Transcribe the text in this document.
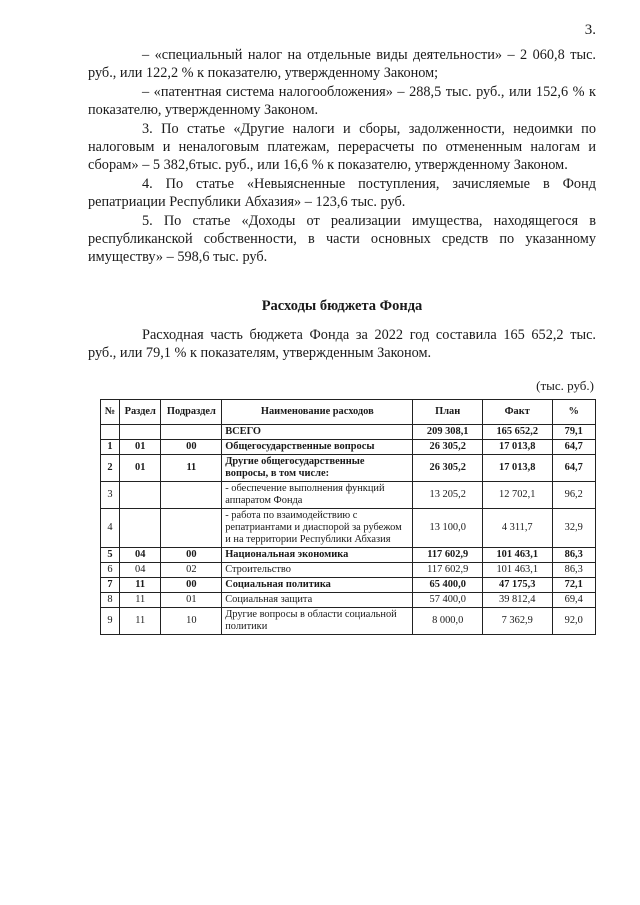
3.

– «специальный налог на отдельные виды деятельности» – 2 060,8 тыс. руб., или 122,2 % к показателю, утвержденному Законом;

– «патентная система налогообложения» – 288,5 тыс. руб., или 152,6 % к показателю, утвержденному Законом.

3. По статье «Другие налоги и сборы, задолженности, недоимки по налоговым и неналоговым платежам, перерасчеты по отмененным налогам и сборам» – 5 382,6тыс. руб., или 16,6 % к показателю, утвержденному Законом.

4. По статье «Невыясненные поступления, зачисляемые в Фонд репатриации Республики Абхазия» – 123,6 тыс. руб.

5. По статье «Доходы от реализации имущества, находящегося в республиканской собственности, в части основных средств по указанному имуществу» – 598,6 тыс. руб.

Расходы бюджета Фонда

Расходная часть бюджета Фонда за 2022 год составила 165 652,2 тыс. руб., или 79,1 % к показателям, утвержденным Законом.

(тыс. руб.)
№	Раздел	Подраздел	Наименование расходов	План	Факт	%
			ВСЕГО	209 308,1	165 652,2	79,1
1	01	00	Общегосударственные вопросы	26 305,2	17 013,8	64,7
2	01	11	Другие общегосударственные вопросы, в том числе:	26 305,2	17 013,8	64,7
3			- обеспечение выполнения функций аппаратом Фонда	13 205,2	12 702,1	96,2
4			- работа по взаимодействию с репатриантами и диаспорой за рубежом и на территории Республики Абхазия	13 100,0	4 311,7	32,9
5	04	00	Национальная экономика	117 602,9	101 463,1	86,3
6	04	02	Строительство	117 602,9	101 463,1	86,3
7	11	00	Социальная политика	65 400,0	47 175,3	72,1
8	11	01	Социальная защита	57 400,0	39 812,4	69,4
9	11	10	Другие вопросы в области социальной политики	8 000,0	7 362,9	92,0
